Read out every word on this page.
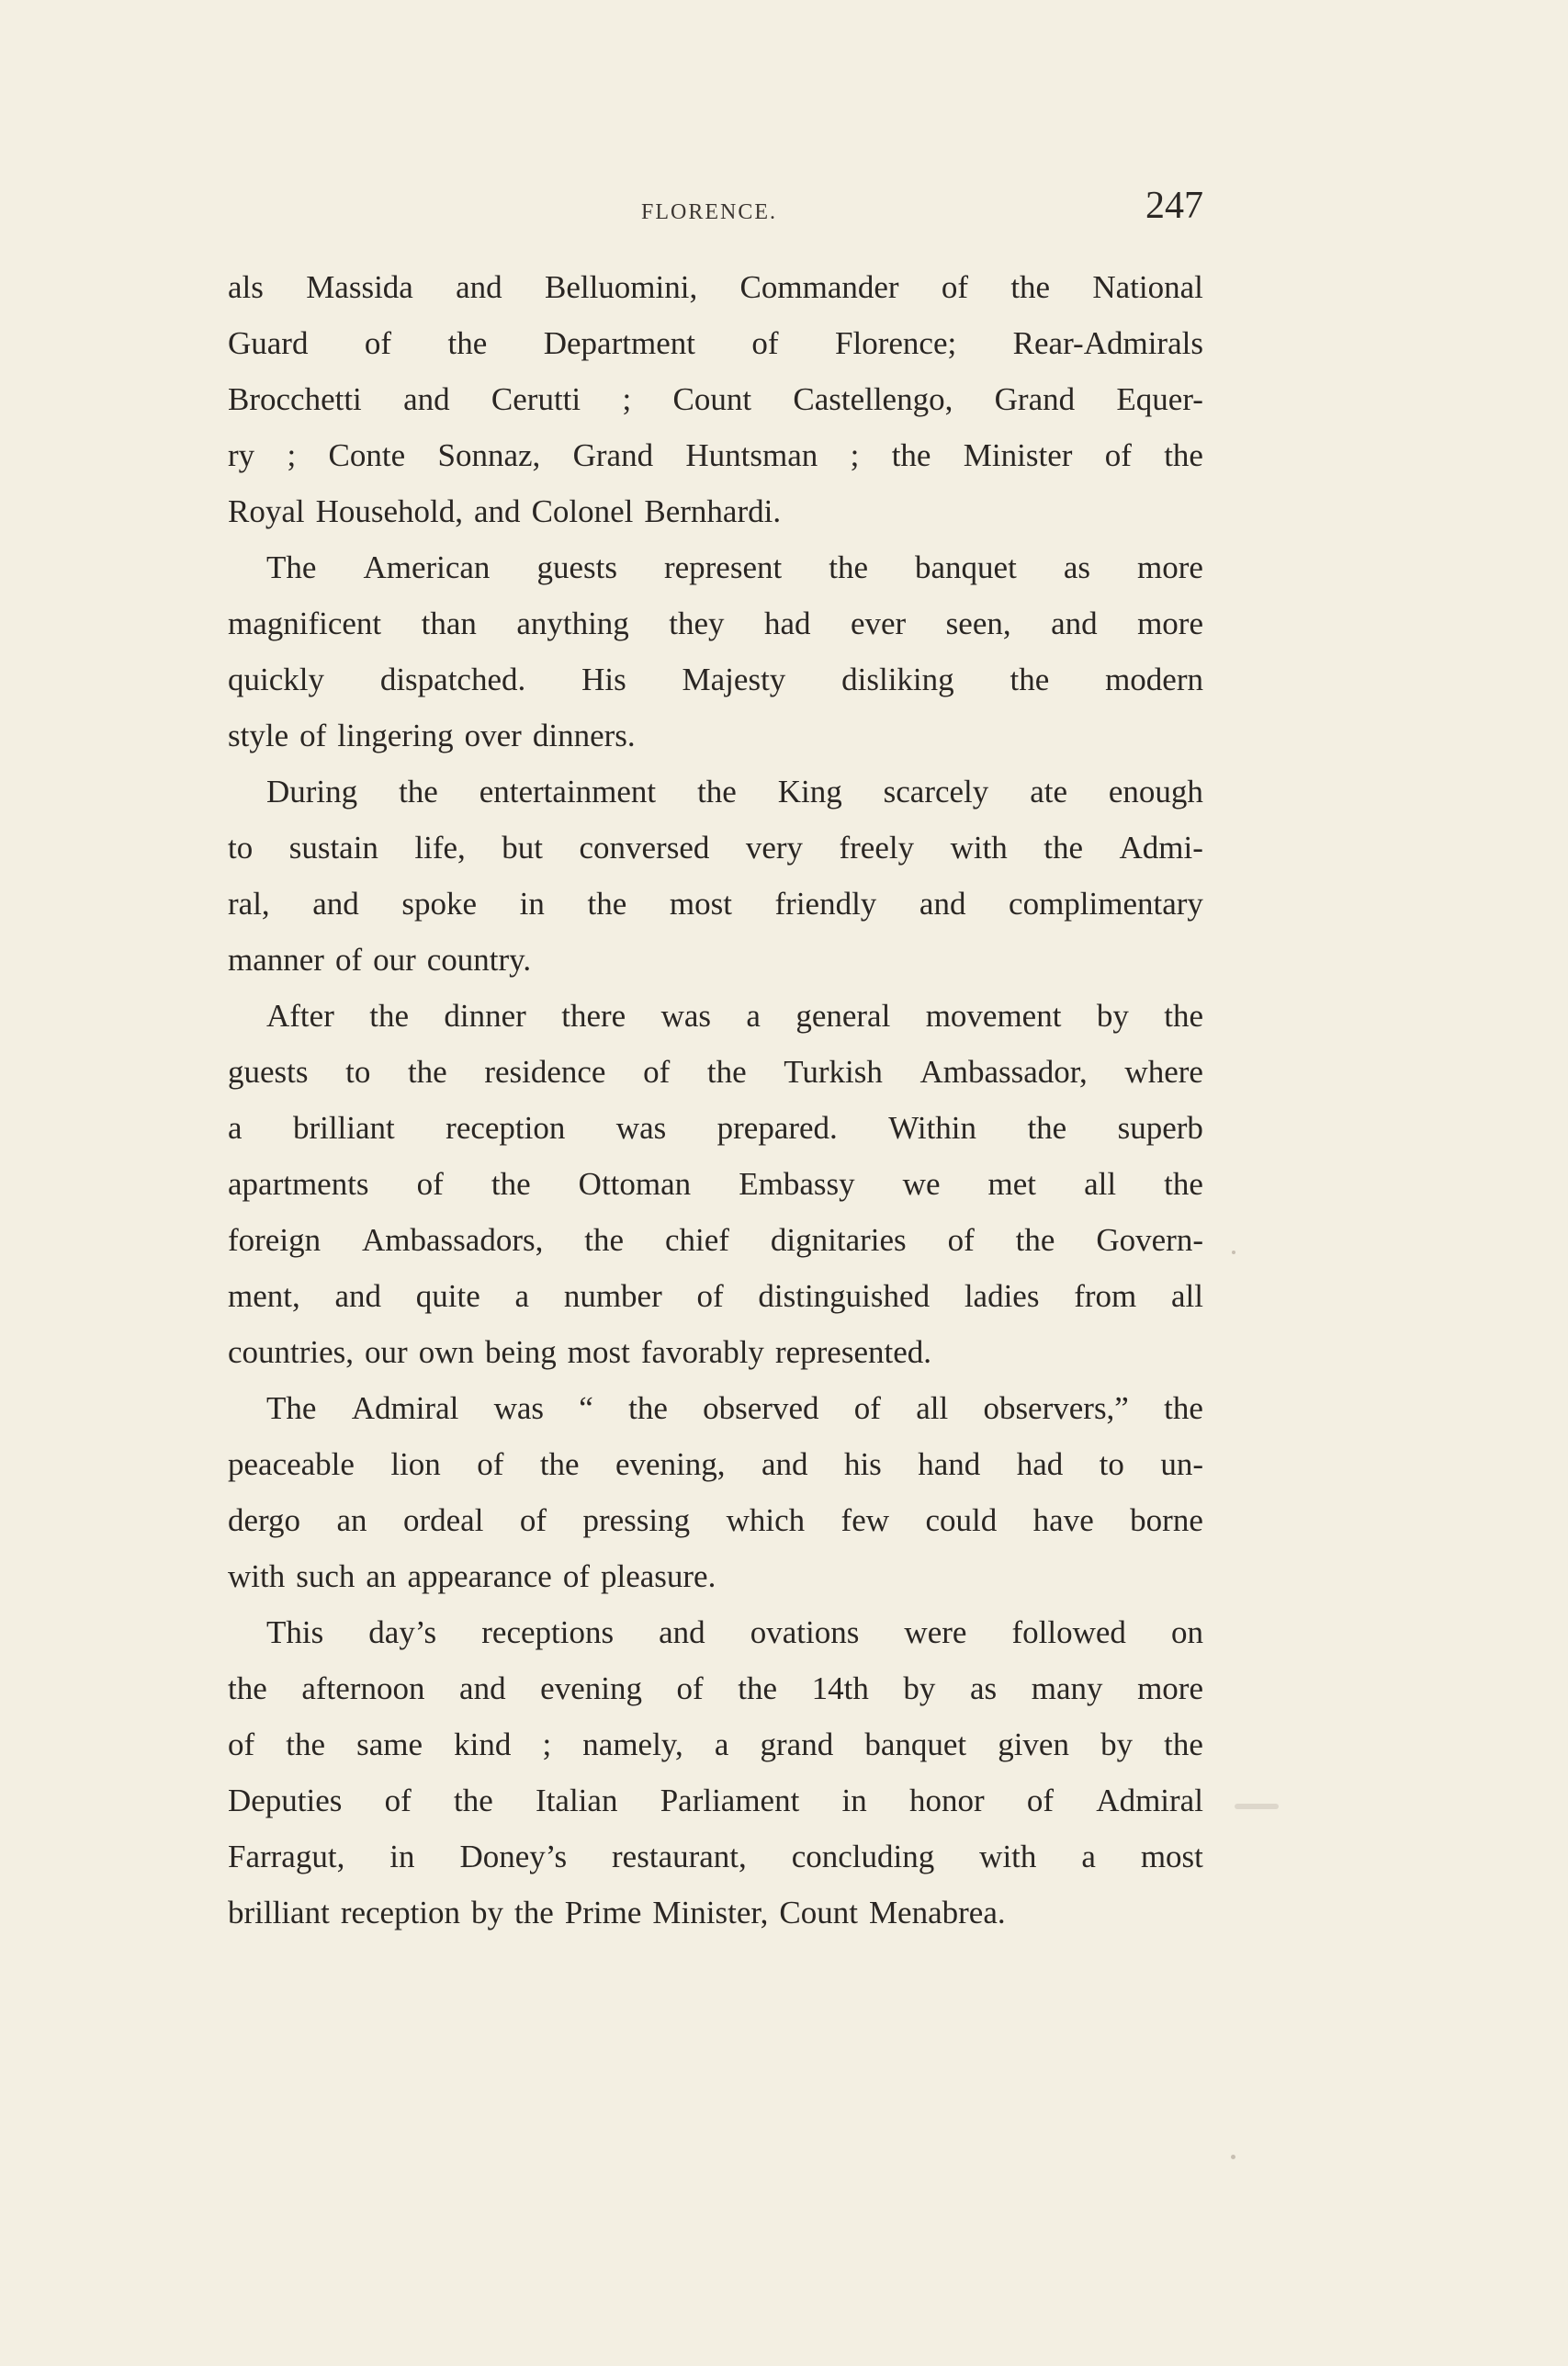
FLORENCE.	247
als Massida and Belluomini, Commander of the National
Guard of the Department of Florence; Rear-Admirals
Brocchetti and Cerutti ; Count Castellengo, Grand Equer-
ry ; Conte Sonnaz, Grand Huntsman ; the Minister of the
Royal Household, and Colonel Bernhardi.
The American guests represent the banquet as more
magnificent than anything they had ever seen, and more
quickly dispatched. His Majesty disliking the modern
style of lingering over dinners.
During the entertainment the King scarcely ate enough
to sustain life, but conversed very freely with the Admi-
ral, and spoke in the most friendly and complimentary
manner of our country.
After the dinner there was a general movement by the
guests to the residence of the Turkish Ambassador, where
a brilliant reception was prepared. Within the superb
apartments of the Ottoman Embassy we met all the
foreign Ambassadors, the chief dignitaries of the Govern-
ment, and quite a number of distinguished ladies from all
countries, our own being most favorably represented.
The Admiral was “ the observed of all observers,” the
peaceable lion of the evening, and his hand had to un-
dergo an ordeal of pressing which few could have borne
with such an appearance of pleasure.
This day’s receptions and ovations were followed on
the afternoon and evening of the 14th by as many more
of the same kind ; namely, a grand banquet given by the
Deputies of the Italian Parliament in honor of Admiral
Farragut, in Doney’s restaurant, concluding with a most
brilliant reception by the Prime Minister, Count Menabrea.
